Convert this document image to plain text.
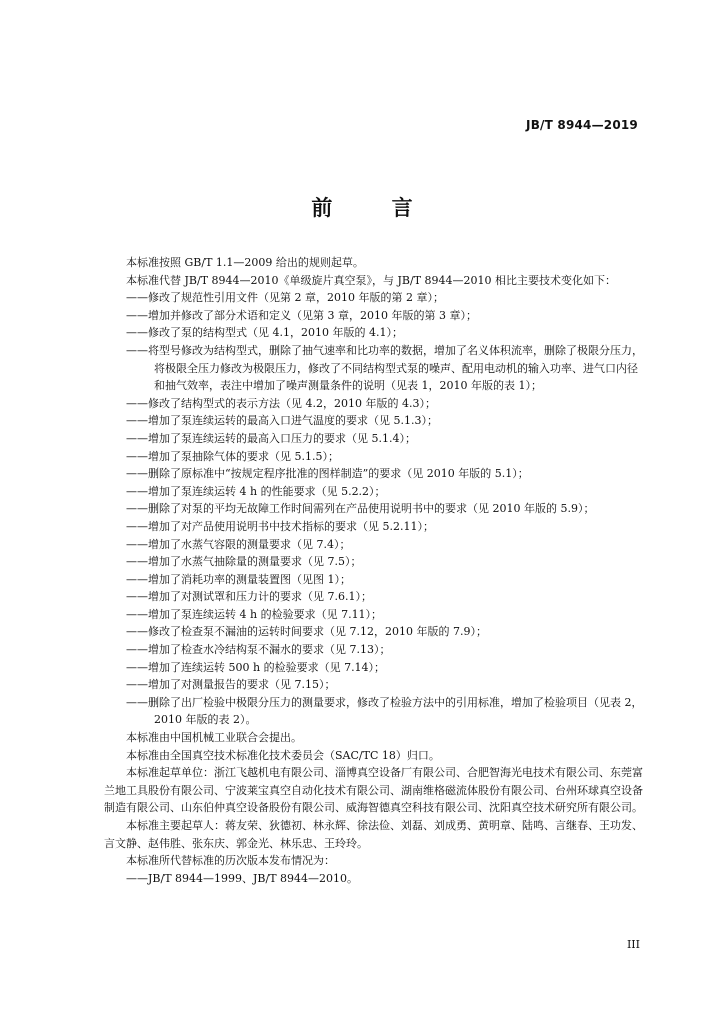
JB/T 8944—2019
前 言

本标准按照 GB/T 1.1—2009 给出的规则起草。

本标准代替 JB/T 8944—2010《单级旋片真空泵》，与 JB/T 8944—2010 相比主要技术变化如下：

——修改了规范性引用文件（见第 2 章，2010 年版的第 2 章）；

——增加并修改了部分术语和定义（见第 3 章，2010 年版的第 3 章）；

——修改了泵的结构型式（见 4.1，2010 年版的 4.1）；

——将型号修改为结构型式，删除了抽气速率和比功率的数据，增加了名义体积流率，删除了极限分压力，将极限全压力修改为极限压力，修改了不同结构型式泵的噪声、配用电动机的输入功率、进气口内径和抽气效率，表注中增加了噪声测量条件的说明（见表 1，2010 年版的表 1）；

——修改了结构型式的表示方法（见 4.2，2010 年版的 4.3）；

——增加了泵连续运转的最高入口进气温度的要求（见 5.1.3）；

——增加了泵连续运转的最高入口压力的要求（见 5.1.4）；

——增加了泵抽除气体的要求（见 5.1.5）；

——删除了原标准中“按规定程序批准的图样制造”的要求（见 2010 年版的 5.1）；

——增加了泵连续运转 4 h 的性能要求（见 5.2.2）；

——删除了对泵的平均无故障工作时间需列在产品使用说明书中的要求（见 2010 年版的 5.9）；

——增加了对产品使用说明书中技术指标的要求（见 5.2.11）；

——增加了水蒸气容限的测量要求（见 7.4）；

——增加了水蒸气抽除量的测量要求（见 7.5）；

——增加了消耗功率的测量装置图（见图 1）；

——增加了对测试罩和压力计的要求（见 7.6.1）；

——增加了泵连续运转 4 h 的检验要求（见 7.11）；

——修改了检查泵不漏油的运转时间要求（见 7.12，2010 年版的 7.9）；

——增加了检查水冷结构泵不漏水的要求（见 7.13）；

——增加了连续运转 500 h 的检验要求（见 7.14）；

——增加了对测量报告的要求（见 7.15）；

——删除了出厂检验中极限分压力的测量要求，修改了检验方法中的引用标准，增加了检验项目（见表 2，2010 年版的表 2）。

本标准由中国机械工业联合会提出。

本标准由全国真空技术标准化技术委员会（SAC/TC 18）归口。

本标准起草单位：浙江飞越机电有限公司、淄博真空设备厂有限公司、合肥智海光电技术有限公司、东莞富兰地工具股份有限公司、宁波莱宝真空自动化技术有限公司、湖南维格磁流体股份有限公司、台州环球真空设备制造有限公司、山东伯仲真空设备股份有限公司、威海智德真空科技有限公司、沈阳真空技术研究所有限公司。

本标准主要起草人：蒋友荣、狄德初、林永辉、徐法俭、刘磊、刘成勇、黄明章、陆鸣、言继春、王功发、言文静、赵伟胜、张东庆、郭金光、林乐忠、王玲玲。

本标准所代替标准的历次版本发布情况为：

——JB/T 8944—1999、JB/T 8944—2010。

III
